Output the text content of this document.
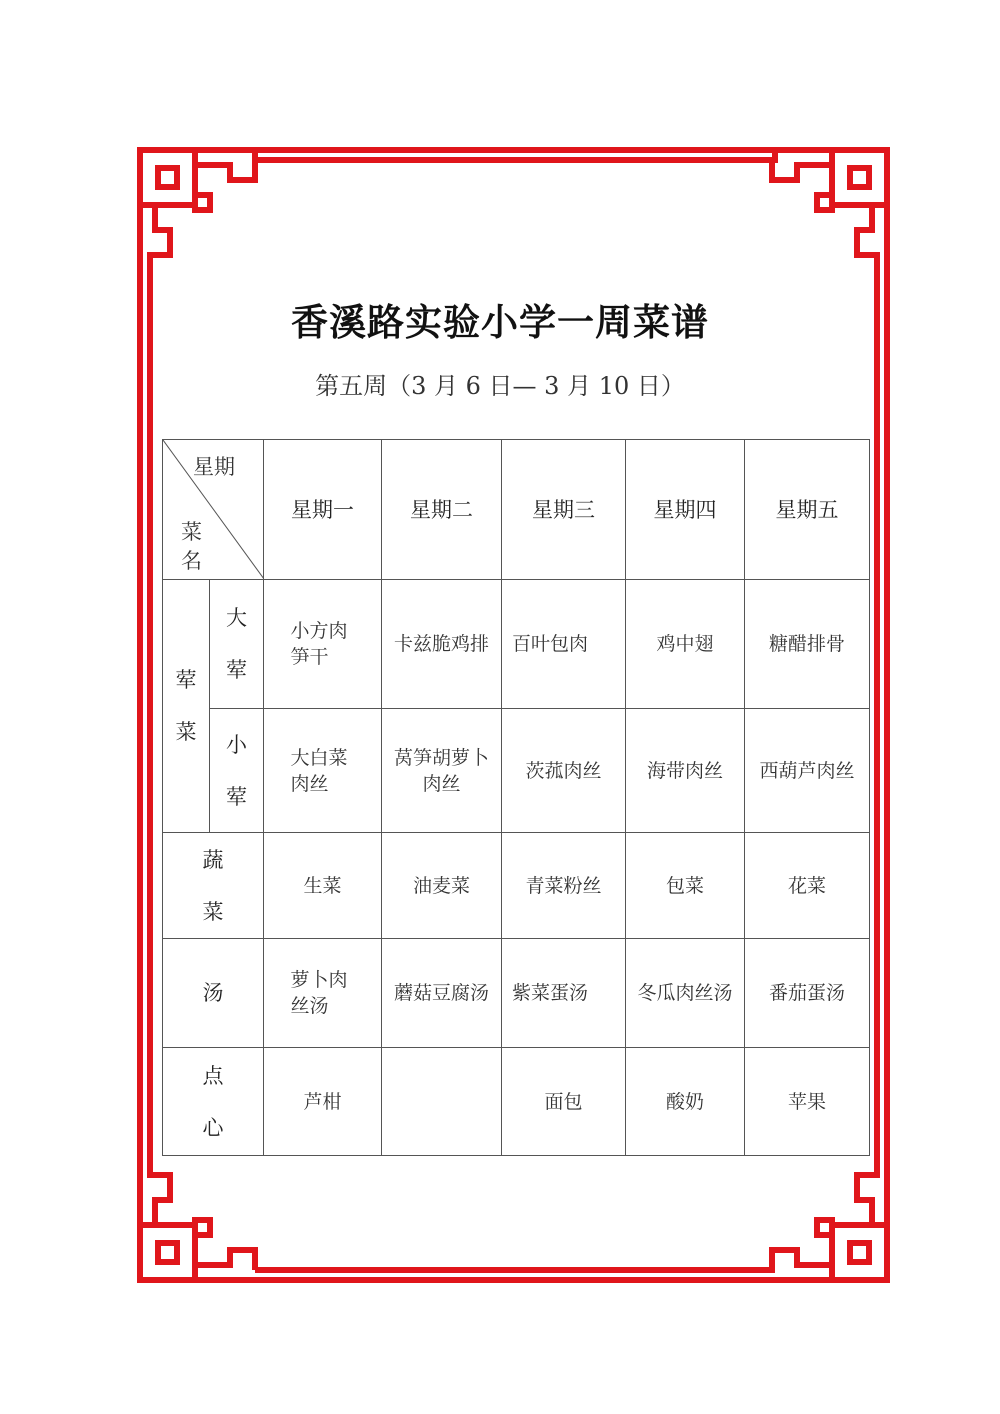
香溪路实验小学一周菜谱
第五周（3 月 6 日— 3 月 10 日）
星期
菜 名		星期一	星期二	星期三	星期四	星期五
荤菜	大荤	小方肉笋干	卡兹脆鸡排	百叶包肉	鸡中翅	糖醋排骨
	小荤	大白菜肉丝	莴笋胡萝卜肉丝	茨菰肉丝	海带肉丝	西葫芦肉丝
蔬菜		生菜	油麦菜	青菜粉丝	包菜	花菜
汤		萝卜肉丝汤	蘑菇豆腐汤	紫菜蛋汤	冬瓜肉丝汤	番茄蛋汤
点心		芦柑		面包	酸奶	苹果
